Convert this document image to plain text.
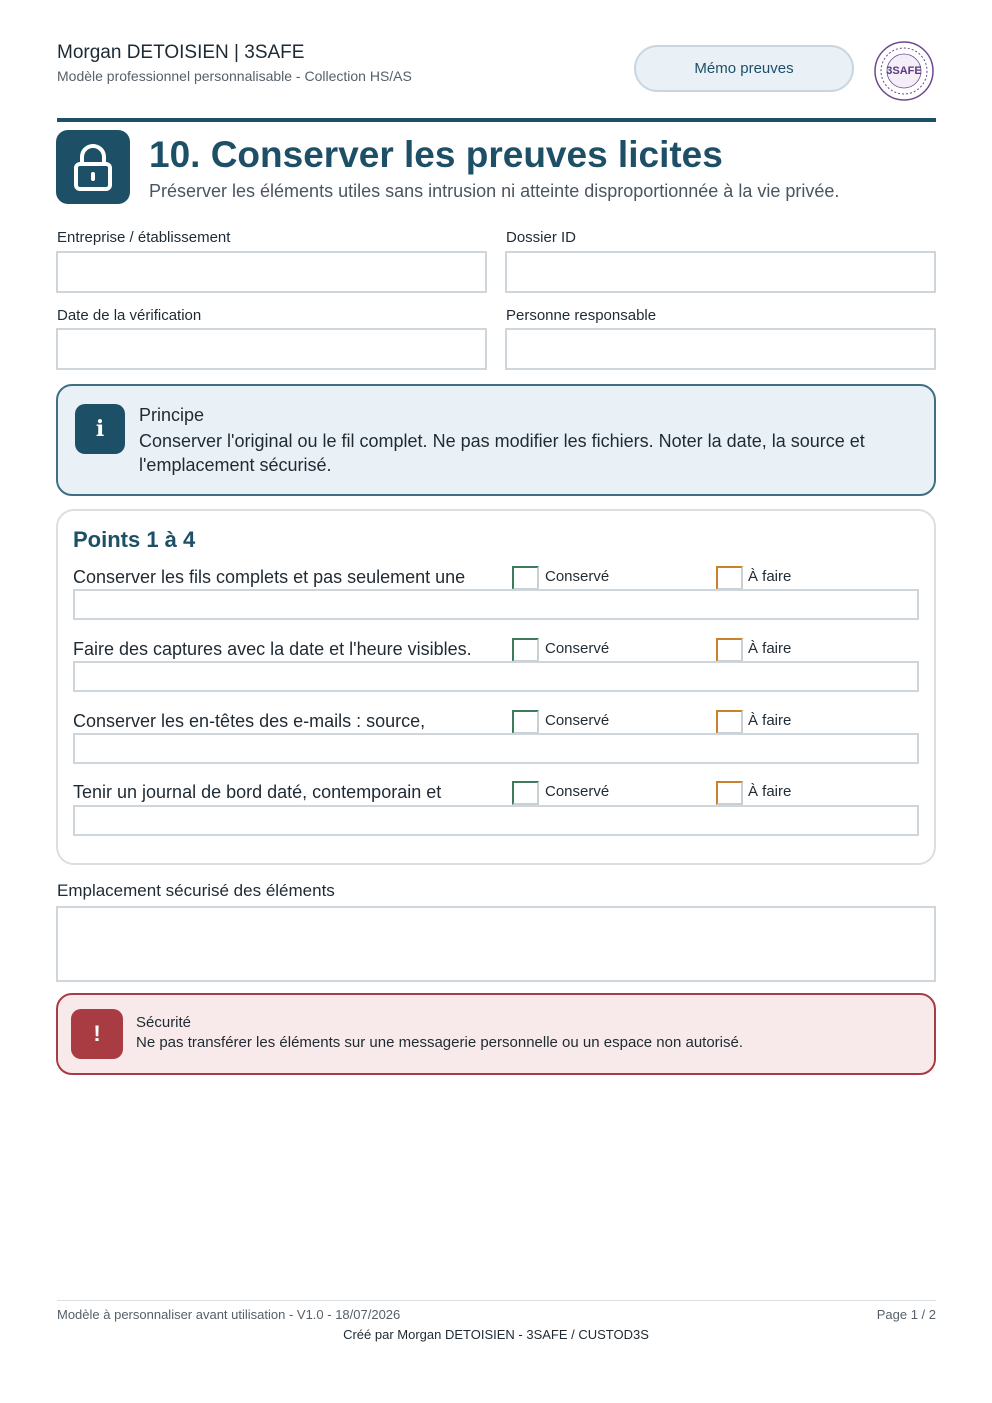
Morgan DETOISIEN | 3SAFE
Modèle professionnel personnalisable - Collection HS/AS	Mémo preuves	3SAFE
10. Conserver les preuves licites
Préserver les éléments utiles sans intrusion ni atteinte disproportionnée à la vie privée.
Entreprise / établissement	Dossier ID
Date de la vérification	Personne responsable
i
Principe
Conserver l'original ou le fil complet. Ne pas modifier les fichiers. Noter la date, la source et l'emplacement sécurisé.
Points 1 à 4
Conserver les fils complets et pas seulement une	Conservé	À faire
Faire des captures avec la date et l'heure visibles.	Conservé	À faire
Conserver les en-têtes des e-mails : source,	Conservé	À faire
Tenir un journal de bord daté, contemporain et	Conservé	À faire
Emplacement sécurisé des éléments
!	Sécurité
Ne pas transférer les éléments sur une messagerie personnelle ou un espace non autorisé.
Modèle à personnaliser avant utilisation - V1.0 - 18/07/2026	Page 1 / 2
Créé par Morgan DETOISIEN - 3SAFE / CUSTOD3S
